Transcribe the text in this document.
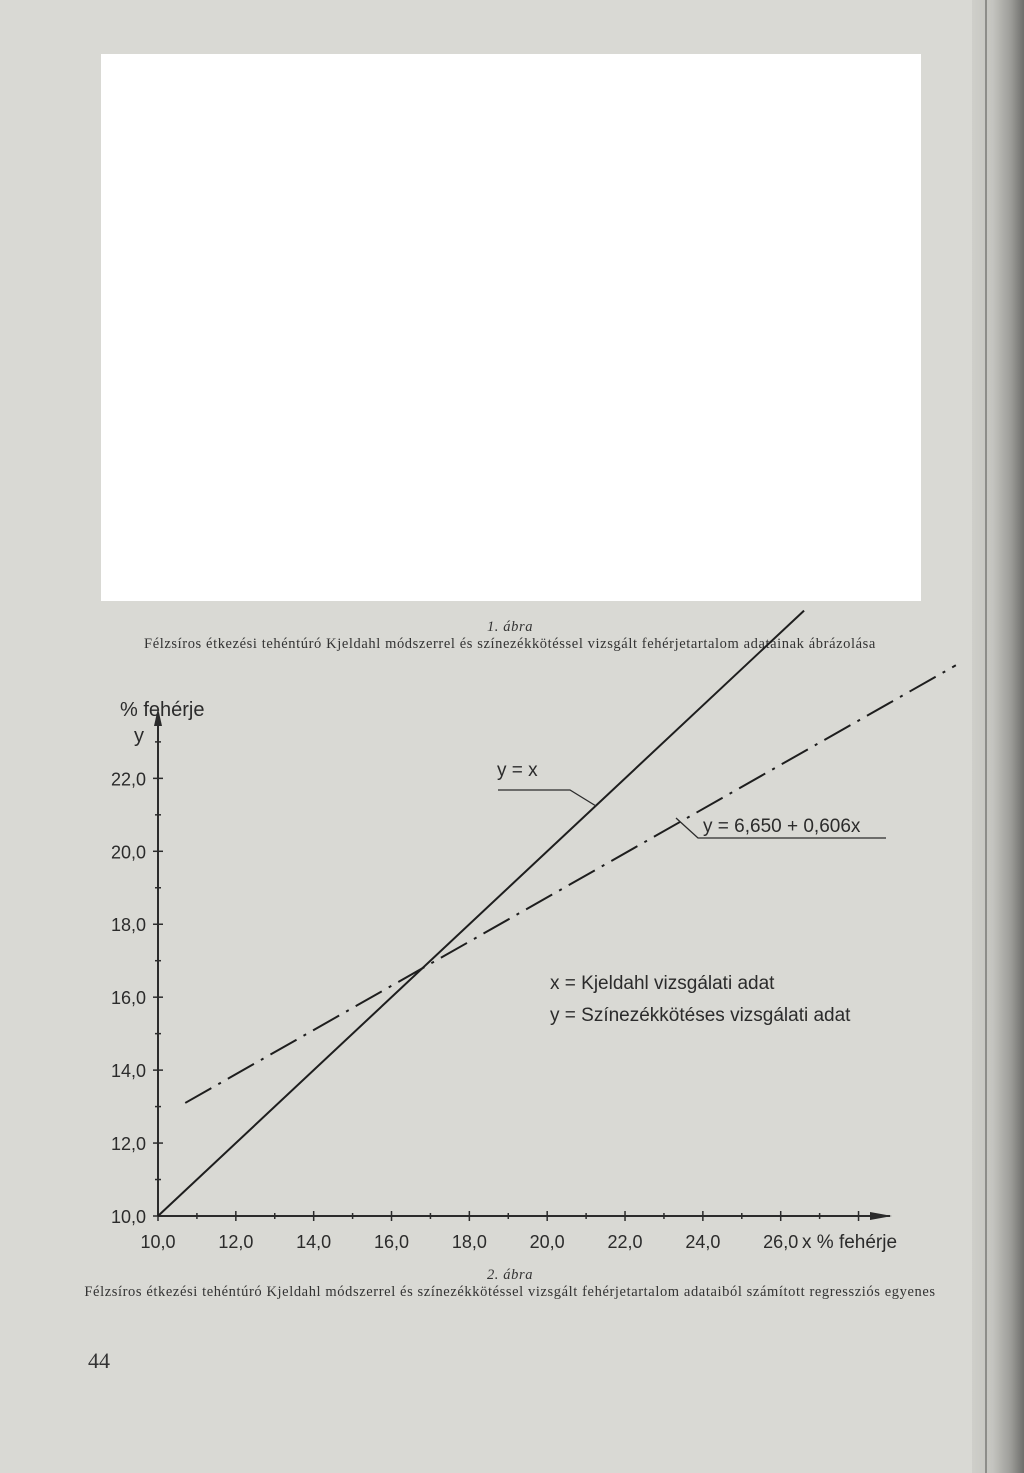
1. ábra
Félzsíros étkezési tehéntúró Kjeldahl módszerrel és színezékkötéssel vizsgált fehérjetartalom adatainak ábrázolása
10,0
12,0
14,0
16,0
18,0
20,0
22,0
10,0 12,0 14,0 16,0 18,0 20,0 22,0 24,0 26,0
% fehérje
y
x % fehérje
y = x
y = 6,650 + 0,606x
x = Kjeldahl vizsgálati adat
y = Színezékkötéses vizsgálati adat
2. ábra
Félzsíros étkezési tehéntúró Kjeldahl módszerrel és színezékkötéssel vizsgált fehérjetartalom adataiból számított regressziós egyenes
44
